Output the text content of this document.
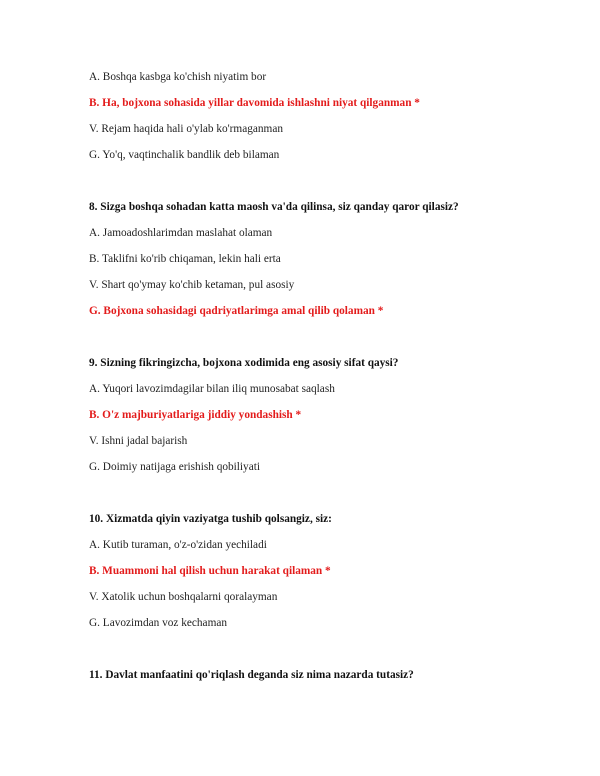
A. Boshqa kasbga ko'chish niyatim bor
B. Ha, bojxona sohasida yillar davomida ishlashni niyat qilganman *
V. Rejam haqida hali o'ylab ko'rmaganman
G. Yo'q, vaqtinchalik bandlik deb bilaman
8. Sizga boshqa sohadan katta maosh va'da qilinsa, siz qanday qaror qilasiz?
A. Jamoadoshlarimdan maslahat olaman
B. Taklifni ko'rib chiqaman, lekin hali erta
V. Shart qo'ymay ko'chib ketaman, pul asosiy
G. Bojxona sohasidagi qadriyatlarimga amal qilib qolaman *
9. Sizning fikringizcha, bojxona xodimida eng asosiy sifat qaysi?
A. Yuqori lavozimdagilar bilan iliq munosabat saqlash
B. O'z majburiyatlariga jiddiy yondashish *
V. Ishni jadal bajarish
G. Doimiy natijaga erishish qobiliyati
10. Xizmatda qiyin vaziyatga tushib qolsangiz, siz:
A. Kutib turaman, o'z-o'zidan yechiladi
B. Muammoni hal qilish uchun harakat qilaman *
V. Xatolik uchun boshqalarni qoralayman
G. Lavozimdan voz kechaman
11. Davlat manfaatini qo'riqlash deganda siz nima nazarda tutasiz?
